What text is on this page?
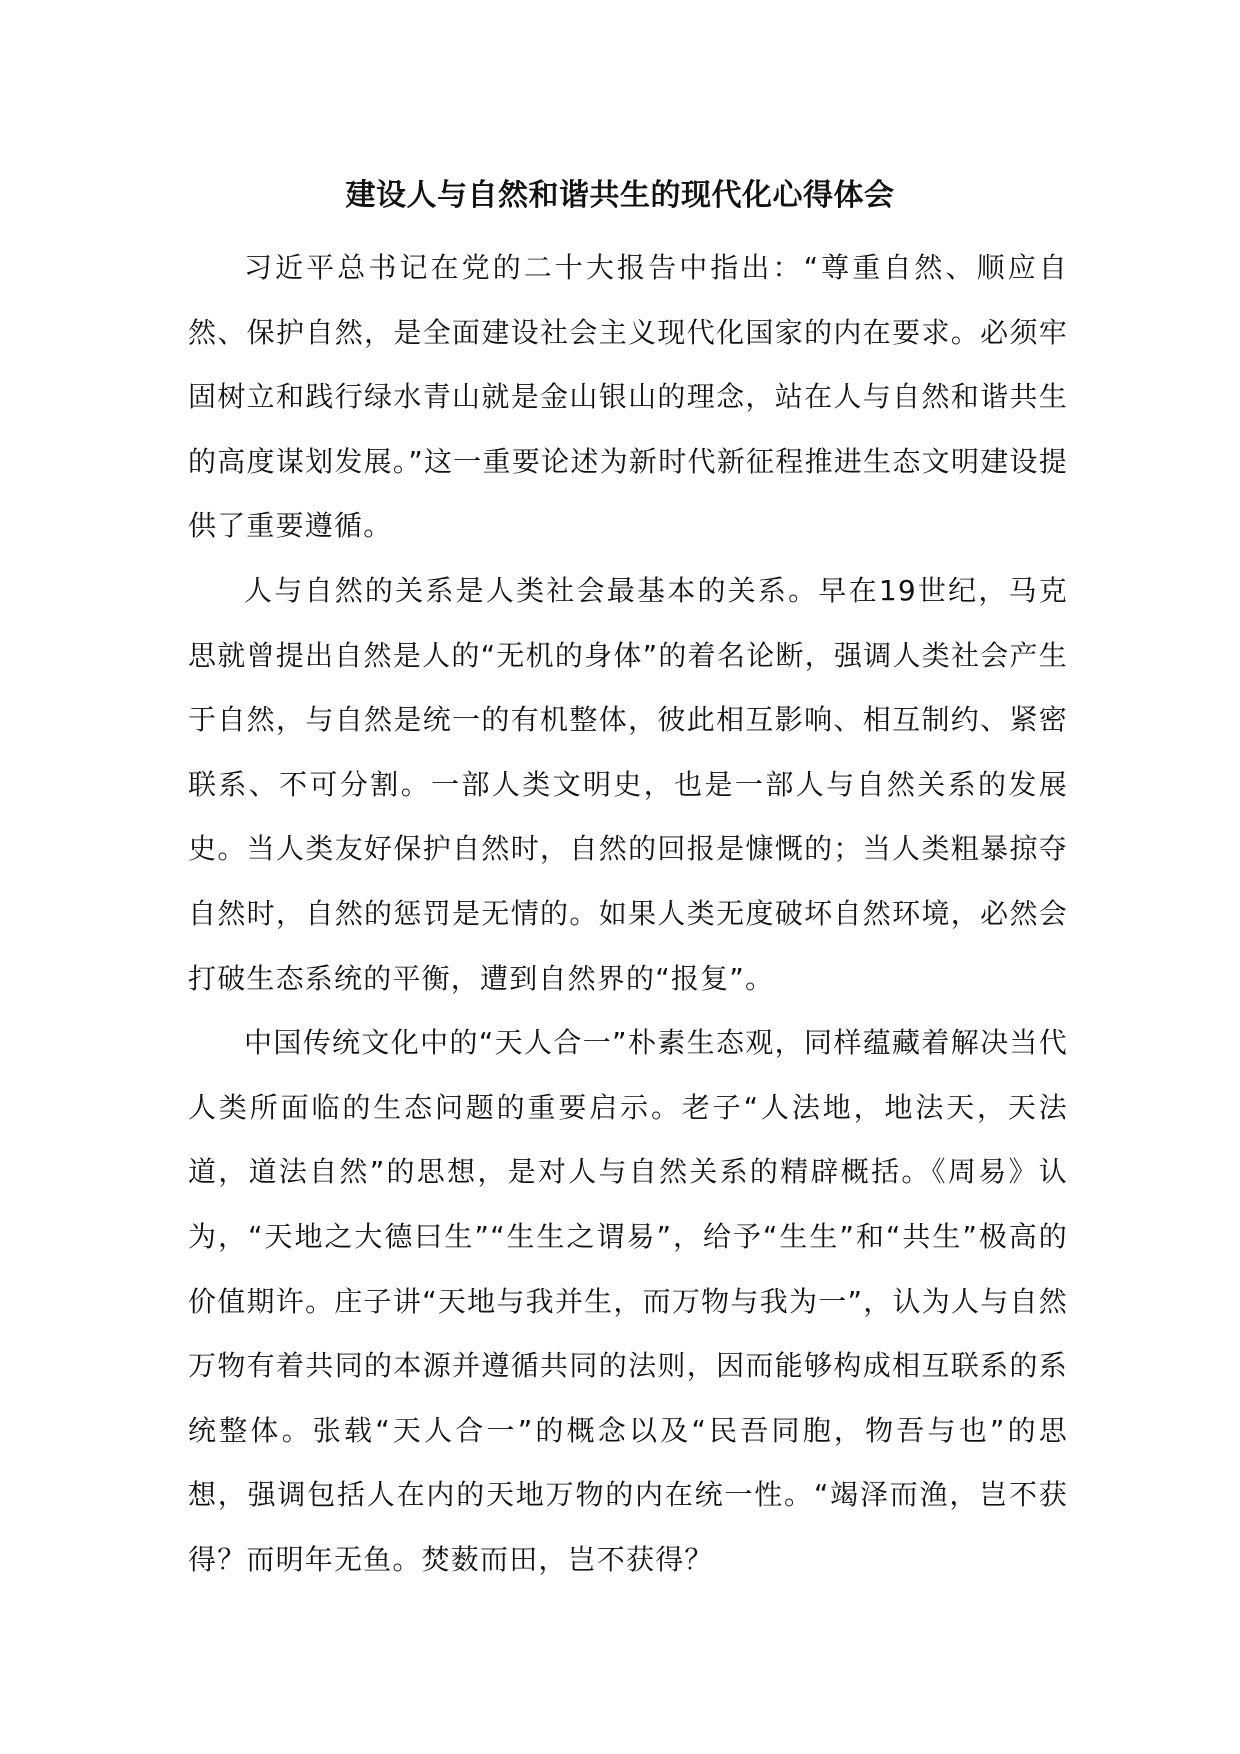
建设人与自然和谐共生的现代化心得体会

习近平总书记在党的二十大报告中指出：“尊重自然、顺应自然、保护自然，是全面建设社会主义现代化国家的内在要求。必须牢固树立和践行绿水青山就是金山银山的理念，站在人与自然和谐共生的高度谋划发展。”这一重要论述为新时代新征程推进生态文明建设提供了重要遵循。

人与自然的关系是人类社会最基本的关系。早在19世纪，马克思就曾提出自然是人的“无机的身体”的着名论断，强调人类社会产生于自然，与自然是统一的有机整体，彼此相互影响、相互制约、紧密联系、不可分割。一部人类文明史，也是一部人与自然关系的发展史。当人类友好保护自然时，自然的回报是慷慨的；当人类粗暴掠夺自然时，自然的惩罚是无情的。如果人类无度破坏自然环境，必然会打破生态系统的平衡，遭到自然界的“报复”。

中国传统文化中的“天人合一”朴素生态观，同样蕴藏着解决当代人类所面临的生态问题的重要启示。老子“人法地，地法天，天法道，道法自然”的思想，是对人与自然关系的精辟概括。《周易》认为，“天地之大德曰生”“生生之谓易”，给予“生生”和“共生”极高的价值期许。庄子讲“天地与我并生，而万物与我为一”，认为人与自然万物有着共同的本源并遵循共同的法则，因而能够构成相互联系的系统整体。张载“天人合一”的概念以及“民吾同胞，物吾与也”的思想，强调包括人在内的天地万物的内在统一性。“竭泽而渔，岂不获得？而明年无鱼。焚薮而田，岂不获得？
